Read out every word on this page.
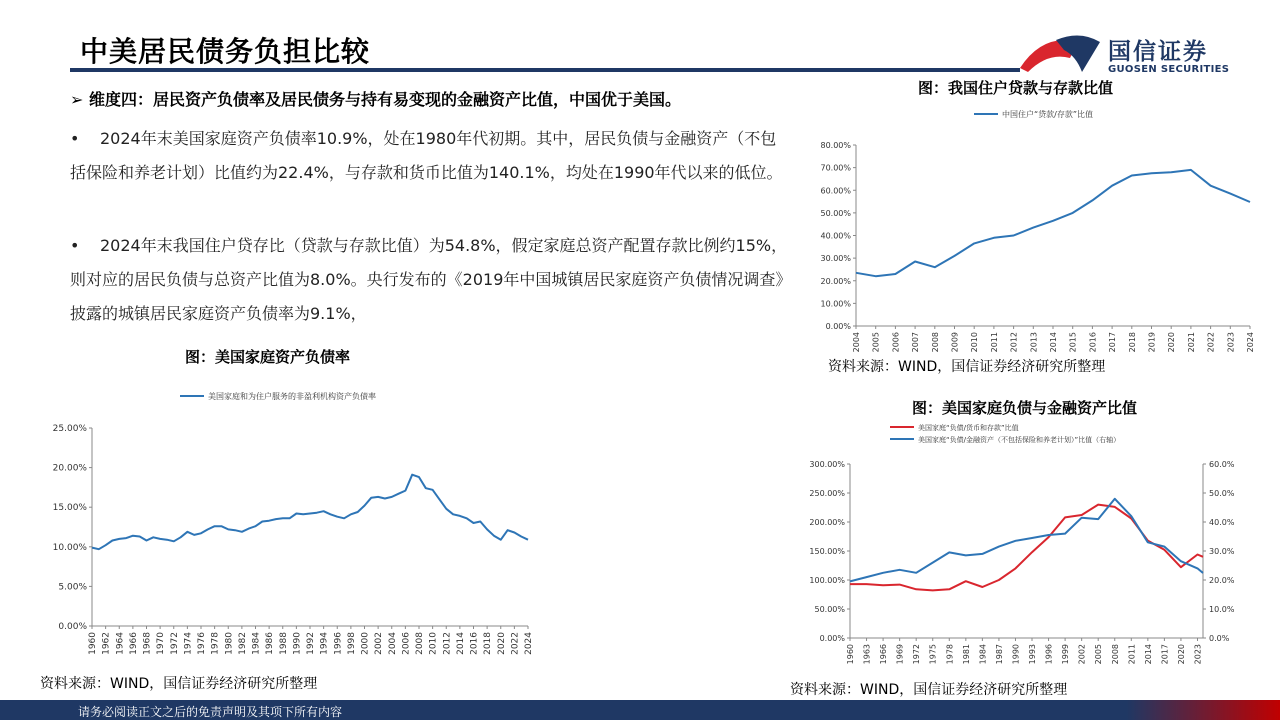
中美居民债务负担比较	国信证券
GUOSEN SECURITIES
➢ 维度四：居民资产负债率及居民债务与持有易变现的金融资产比值，中国优于美国。
• 2024年末美国家庭资产负债率10.9%，处在1980年代初期。其中，居民负债与金融资产（不包括保险和养老计划）比值约为22.4%，与存款和货币比值为140.1%，均处在1990年代以来的低位。
• 2024年末我国住户贷存比（贷款与存款比值）为54.8%，假定家庭总资产配置存款比例约15%，则对应的居民负债与总资产比值为8.0%。央行发布的《2019年中国城镇居民家庭资产负债情况调查》披露的城镇居民家庭资产负债率为9.1%，
图：美国家庭资产负债率
0.00%
5.00%
10.00%
15.00%
20.00%
25.00%
1960 1962 1964 1966 1968 1970 1972 1974 1976 1978 1980 1982 1984 1986 1988 1990 1992 1994 1996 1998 2000 2002 2004 2006 2008 2010 2012 2014 2016 2018 2020 2022 2024
美国家庭和为住户服务的非盈利机构资产负债率
资料来源：WIND，国信证券经济研究所整理
图：我国住户贷款与存款比值
0.00%
10.00%
20.00%
30.00%
40.00%
50.00%
60.00%
70.00%
80.00%
2004 2005 2006 2007 2008 2009 2010 2011 2012 2013 2014 2015 2016 2017 2018 2019 2020 2021 2022 2023 2024
中国住户“贷款/存款”比值
资料来源：WIND，国信证券经济研究所整理
图：美国家庭负债与金融资产比值
0.00%
50.00%
100.00%
150.00%
200.00%
250.00%
300.00%
0.0%
10.0%
20.0%
30.0%
40.0%
50.0%
60.0%
1960 1963 1966 1969 1972 1975 1978 1981 1984 1987 1990 1993 1996 1999 2002 2005 2008 2011 2014 2017 2020 2023
美国家庭“负债/货币和存款”比值
美国家庭“负债/金融资产（不包括保险和养老计划）”比值（右轴）
资料来源：WIND，国信证券经济研究所整理
请务必阅读正文之后的免责声明及其项下所有内容
